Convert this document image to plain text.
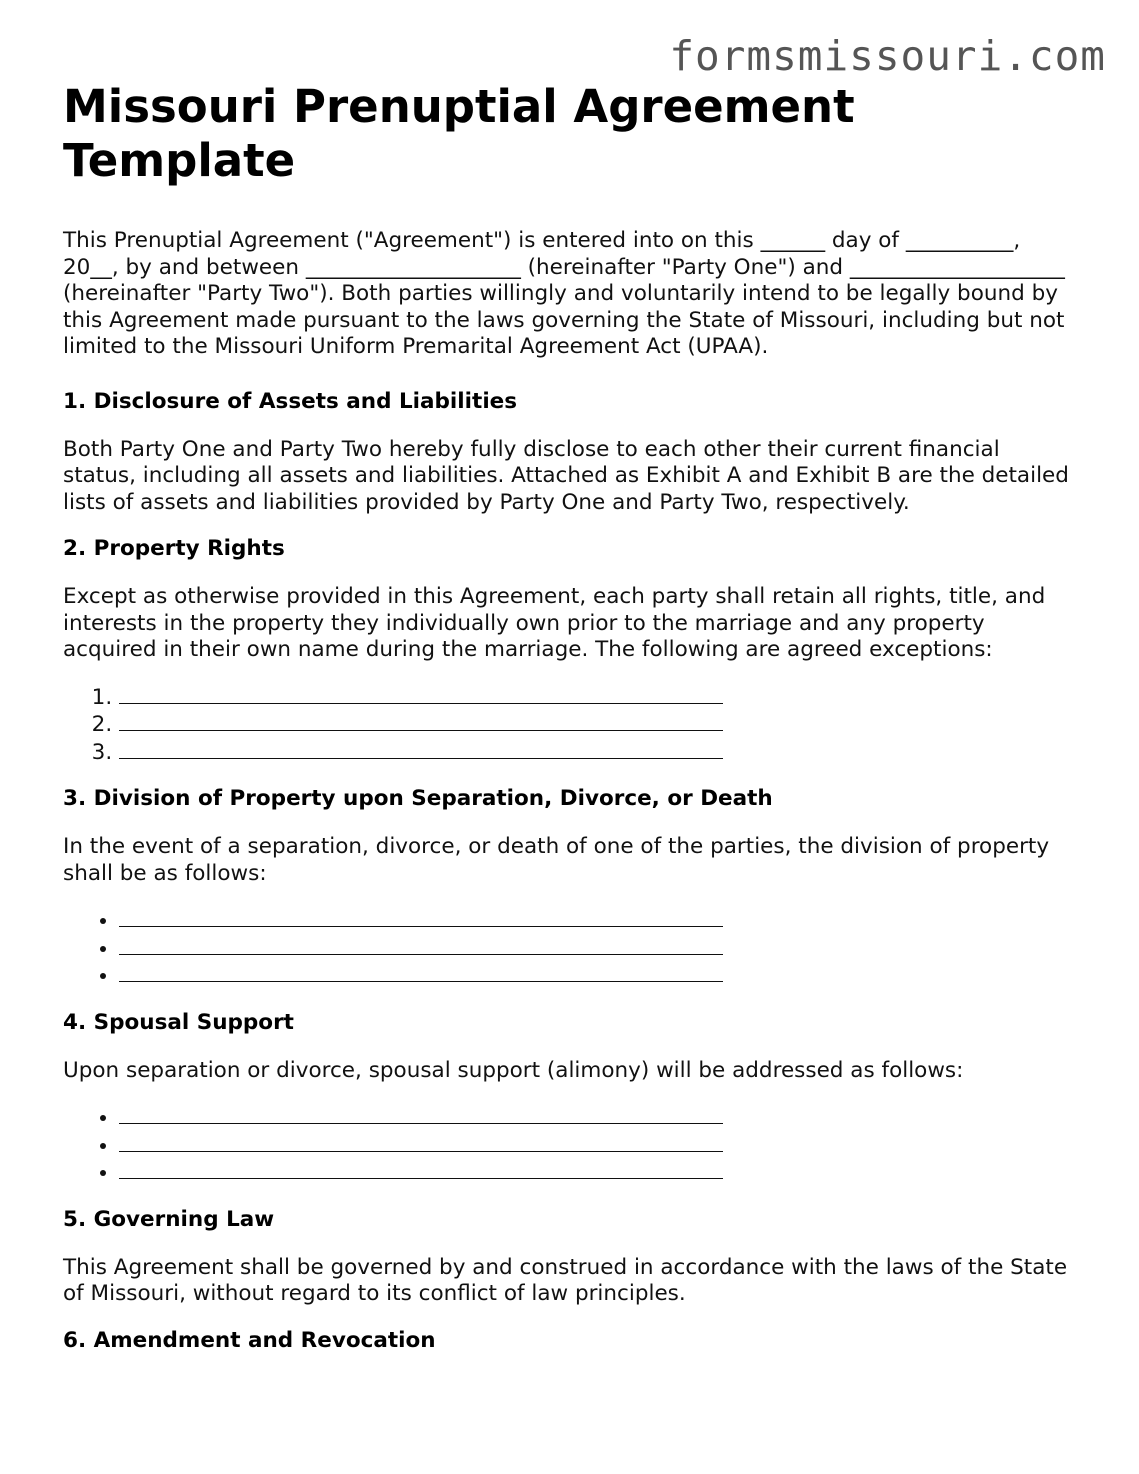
formsmissouri.com
Missouri Prenuptial Agreement Template

This Prenuptial Agreement ("Agreement") is entered into on this ______ day of __________, 20__, by and between ____________________ (hereinafter "Party One") and ____________________ (hereinafter "Party Two"). Both parties willingly and voluntarily intend to be legally bound by this Agreement made pursuant to the laws governing the State of Missouri, including but not limited to the Missouri Uniform Premarital Agreement Act (UPAA).

1. Disclosure of Assets and Liabilities

Both Party One and Party Two hereby fully disclose to each other their current financial status, including all assets and liabilities. Attached as Exhibit A and Exhibit B are the detailed lists of assets and liabilities provided by Party One and Party Two, respectively.

2. Property Rights

Except as otherwise provided in this Agreement, each party shall retain all rights, title, and interests in the property they individually own prior to the marriage and any property acquired in their own name during the marriage. The following are agreed exceptions:

1.
2.
3.
3. Division of Property upon Separation, Divorce, or Death

In the event of a separation, divorce, or death of one of the parties, the division of property shall be as follows:

•
•
•
4. Spousal Support

Upon separation or divorce, spousal support (alimony) will be addressed as follows:

•
•
•
5. Governing Law

This Agreement shall be governed by and construed in accordance with the laws of the State of Missouri, without regard to its conflict of law principles.

6. Amendment and Revocation
